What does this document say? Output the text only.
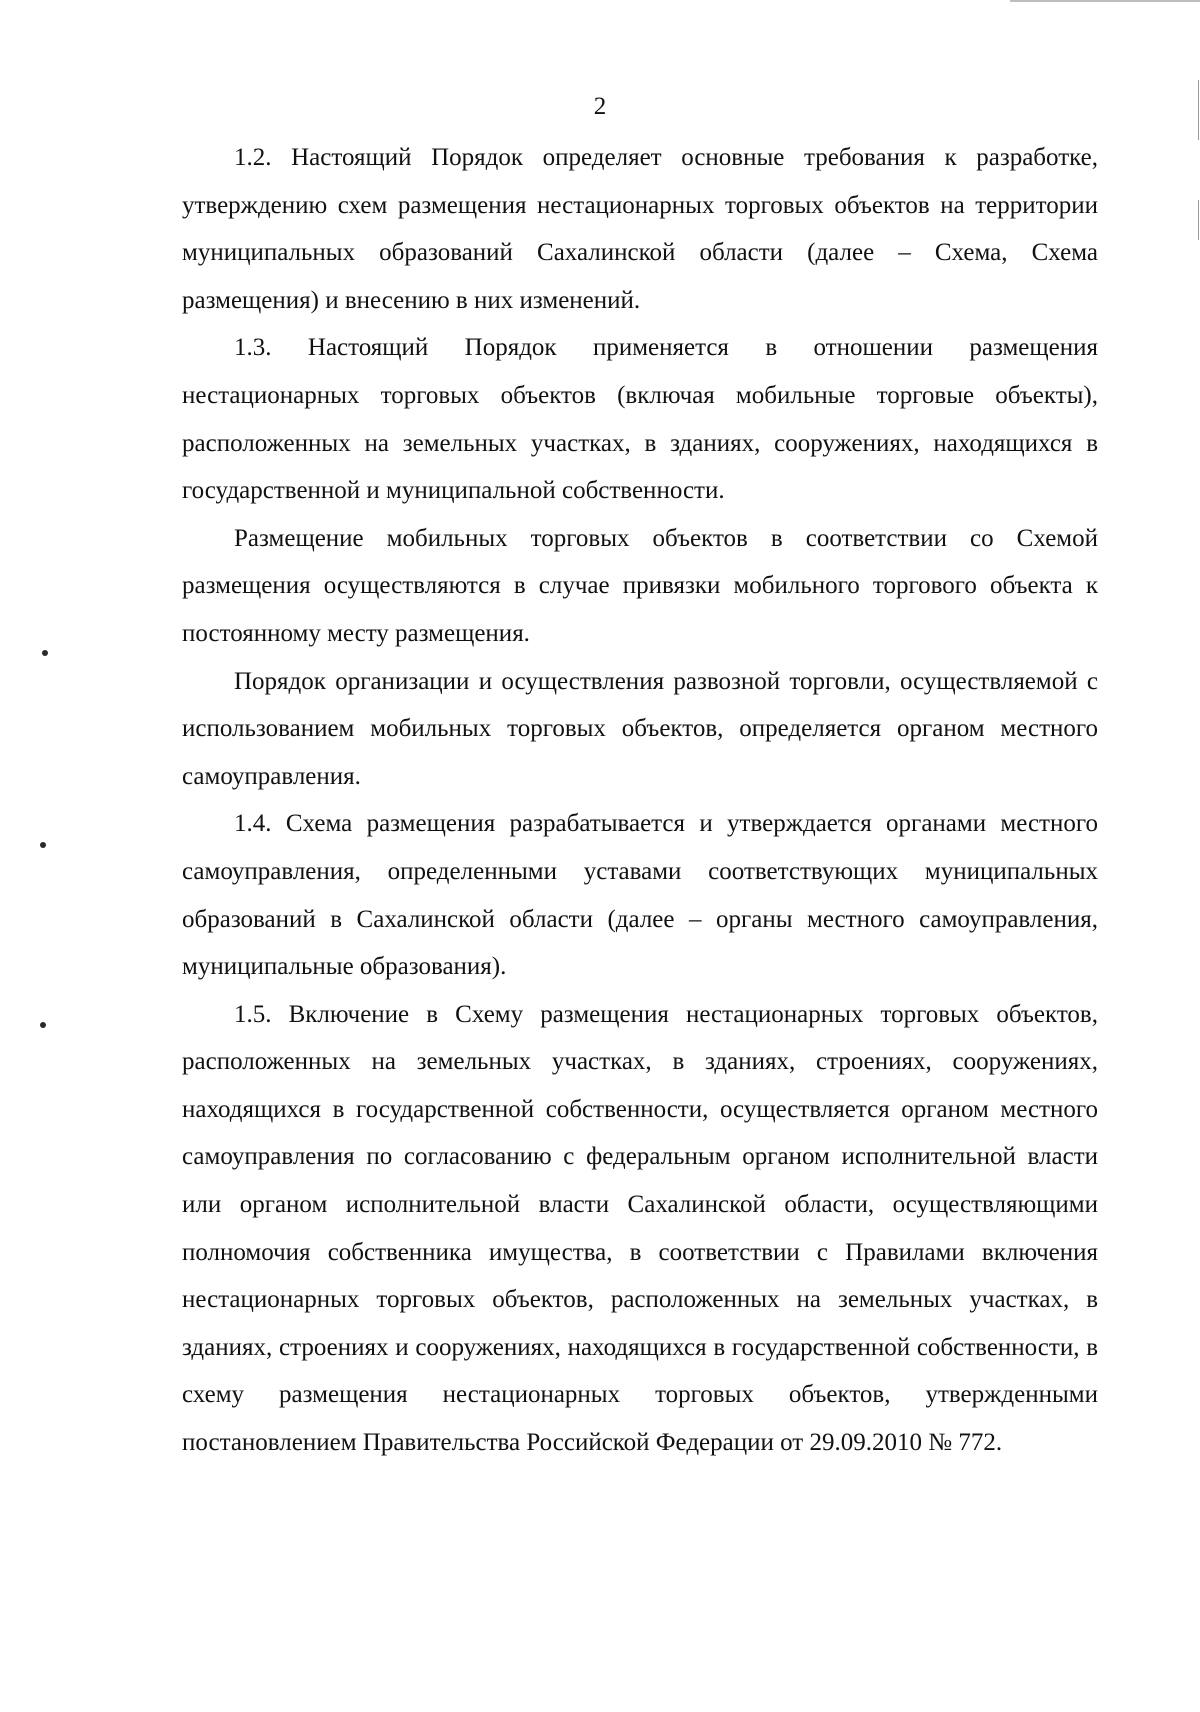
2

1.2. Настоящий Порядок определяет основные требования к разработке, утверждению схем размещения нестационарных торговых объектов на территории муниципальных образований Сахалинской области (далее – Схема, Схема размещения) и внесению в них изменений.

1.3. Настоящий Порядок применяется в отношении размещения нестационарных торговых объектов (включая мобильные торговые объекты), расположенных на земельных участках, в зданиях, сооружениях, находящихся в государственной и муниципальной собственности.

Размещение мобильных торговых объектов в соответствии со Схемой размещения осуществляются в случае привязки мобильного торгового объекта к постоянному месту размещения.

Порядок организации и осуществления развозной торговли, осуществляемой с использованием мобильных торговых объектов, определяется органом местного самоуправления.

1.4. Схема размещения разрабатывается и утверждается органами местного самоуправления, определенными уставами соответствующих муниципальных образований в Сахалинской области (далее – органы местного самоуправления, муниципальные образования).

1.5. Включение в Схему размещения нестационарных торговых объектов, расположенных на земельных участках, в зданиях, строениях, сооружениях, находящихся в государственной собственности, осуществляется органом местного самоуправления по согласованию с федеральным органом исполнительной власти или органом исполнительной власти Сахалинской области, осуществляющими полномочия собственника имущества, в соответствии с Правилами включения нестационарных торговых объектов, расположенных на земельных участках, в зданиях, строениях и сооружениях, находящихся в государственной собственности, в схему размещения нестационарных торговых объектов, утвержденными постановлением Правительства Российской Федерации от 29.09.2010 № 772.
